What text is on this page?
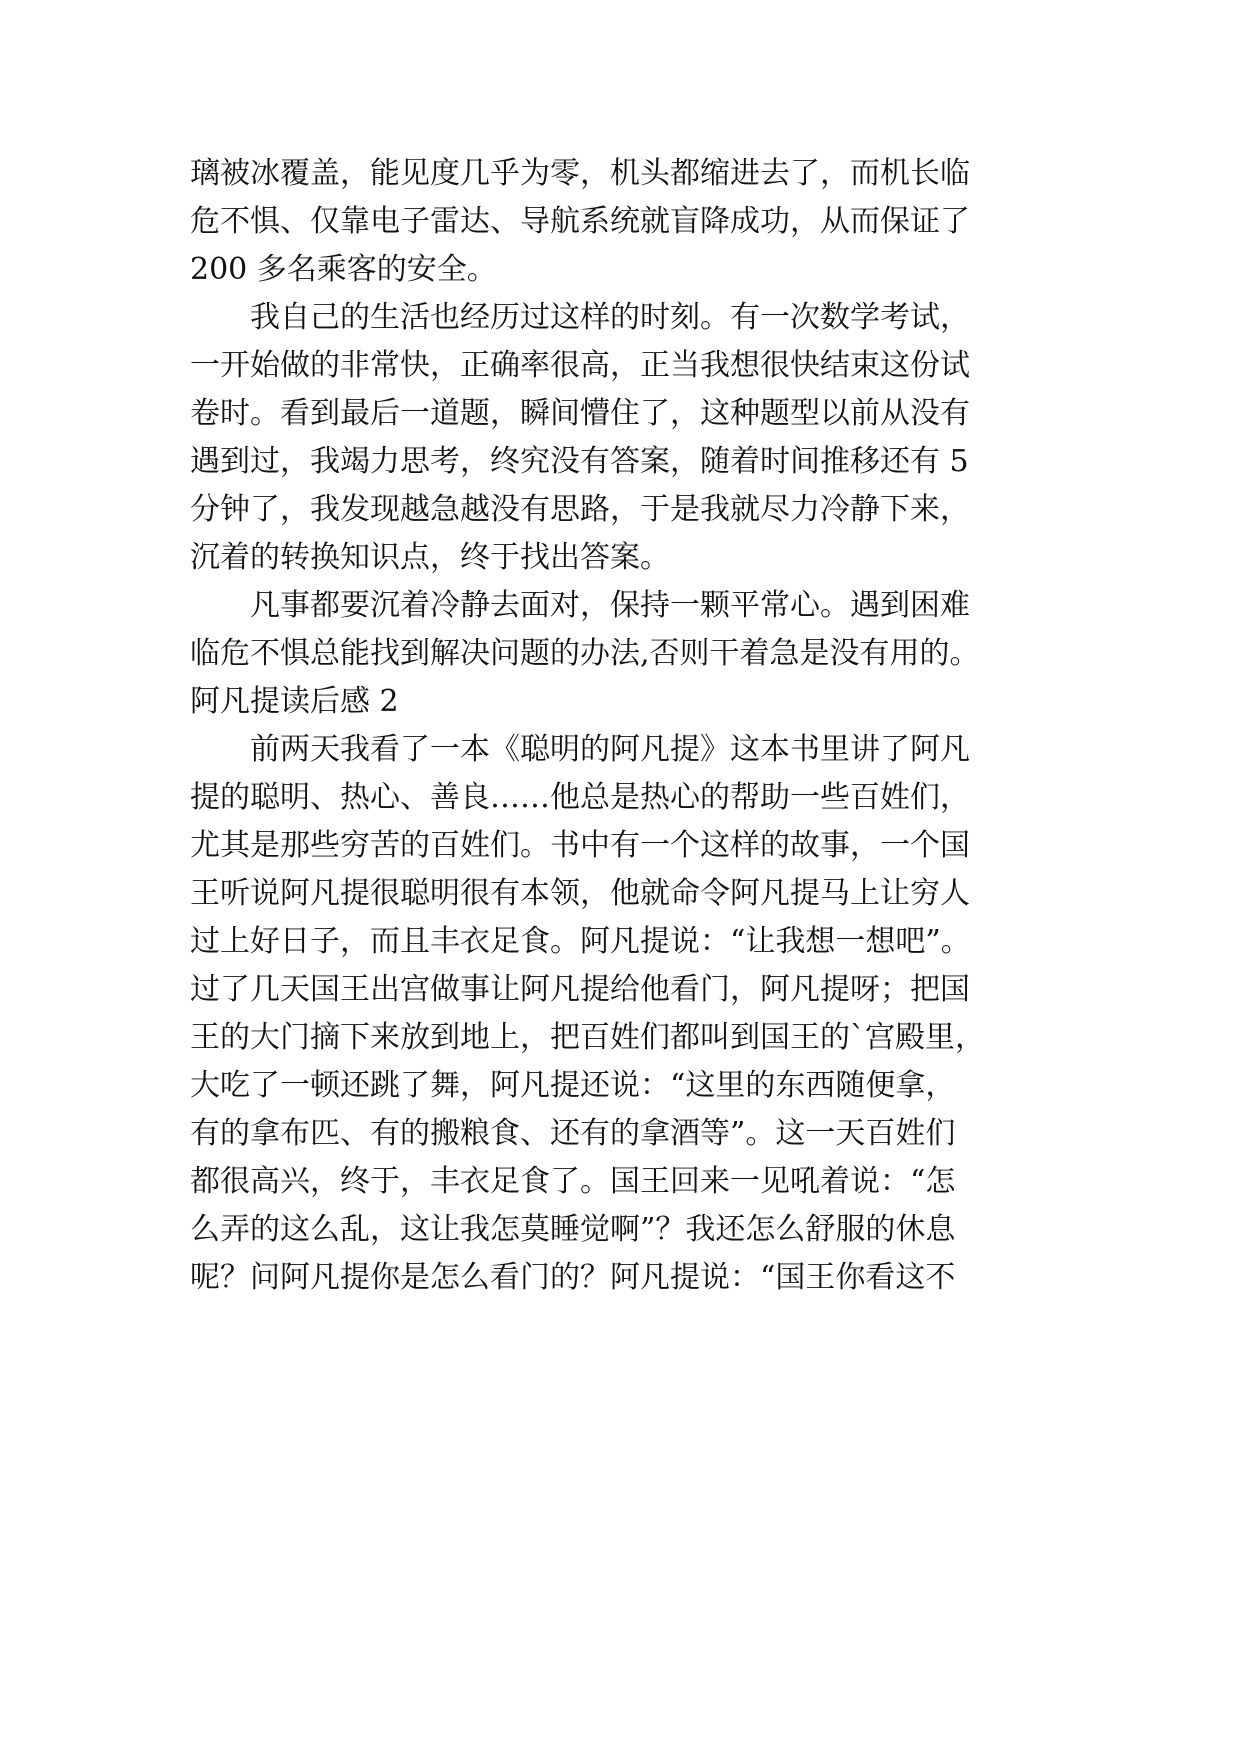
璃被冰覆盖，能见度几乎为零，机头都缩进去了，而机长临
危不惧、仅靠电子雷达、导航系统就盲降成功，从而保证了
200 多名乘客的安全。
　　我自己的生活也经历过这样的时刻。有一次数学考试，
一开始做的非常快，正确率很高，正当我想很快结束这份试
卷时。看到最后一道题，瞬间懵住了，这种题型以前从没有
遇到过，我竭力思考，终究没有答案，随着时间推移还有 5
分钟了，我发现越急越没有思路，于是我就尽力冷静下来，
沉着的转换知识点，终于找出答案。
　　凡事都要沉着冷静去面对，保持一颗平常心。遇到困难
临危不惧总能找到解决问题的办法,否则干着急是没有用的。
阿凡提读后感 2
　　前两天我看了一本《聪明的阿凡提》这本书里讲了阿凡
提的聪明、热心、善良……他总是热心的帮助一些百姓们，
尤其是那些穷苦的百姓们。书中有一个这样的故事，一个国
王听说阿凡提很聪明很有本领，他就命令阿凡提马上让穷人
过上好日子，而且丰衣足食。阿凡提说：“让我想一想吧”。
过了几天国王出宫做事让阿凡提给他看门，阿凡提呀；把国
王的大门摘下来放到地上，把百姓们都叫到国王的`宫殿里，
大吃了一顿还跳了舞，阿凡提还说：“这里的东西随便拿，
有的拿布匹、有的搬粮食、还有的拿酒等”。这一天百姓们
都很高兴，终于，丰衣足食了。国王回来一见吼着说：“怎
么弄的这么乱，这让我怎莫睡觉啊”？我还怎么舒服的休息
呢？问阿凡提你是怎么看门的？阿凡提说：“国王你看这不
